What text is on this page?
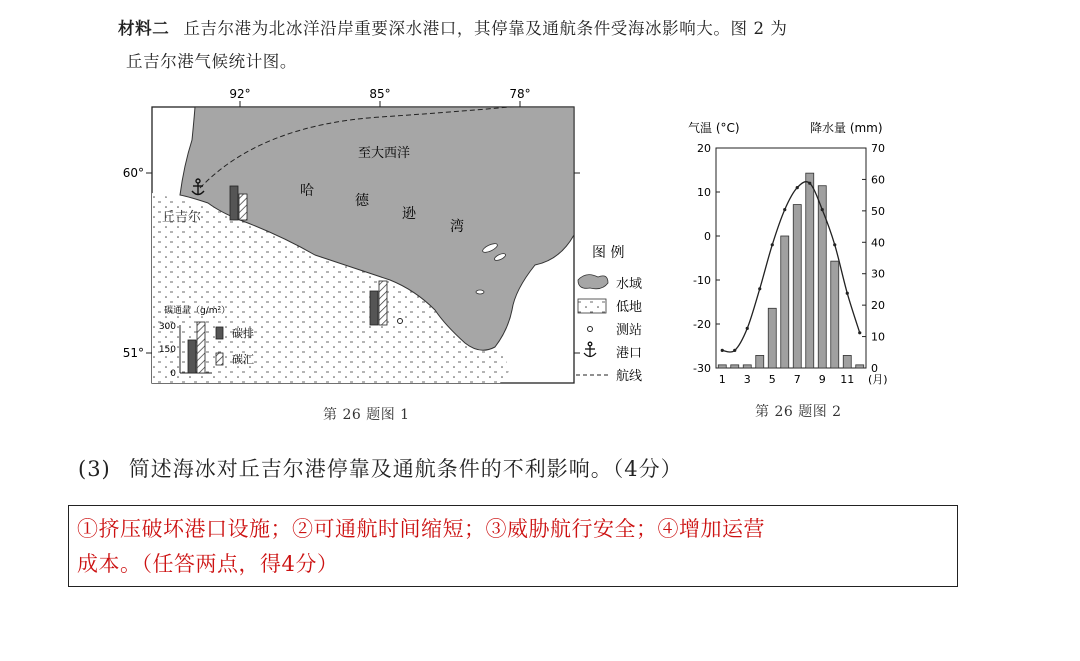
材料二 丘吉尔港为北冰洋沿岸重要深水港口，其停靠及通航条件受海冰影响大。图 2 为
丘吉尔港气候统计图。

92°	85°	78°
60°
51°
至大西洋
哈
德
逊
湾
丘吉尔
碳通量（g/m²）
300
150
0
碳排
碳汇
图 例
水域
低地
测站
港口
航线
第 26 题图 1
气温 (°C)	降水量 (mm)
20
10
0
-10
-20
-30
70
60
50
40
30
20
10
0
1 3 5 7 9 11 (月)
第 26 题图 2
(3) 简述海冰对丘吉尔港停靠及通航条件的不利影响。（4分）

①挤压破坏港口设施；②可通航时间缩短；③威胁航行安全；④增加运营
成本。（任答两点，得4分）
